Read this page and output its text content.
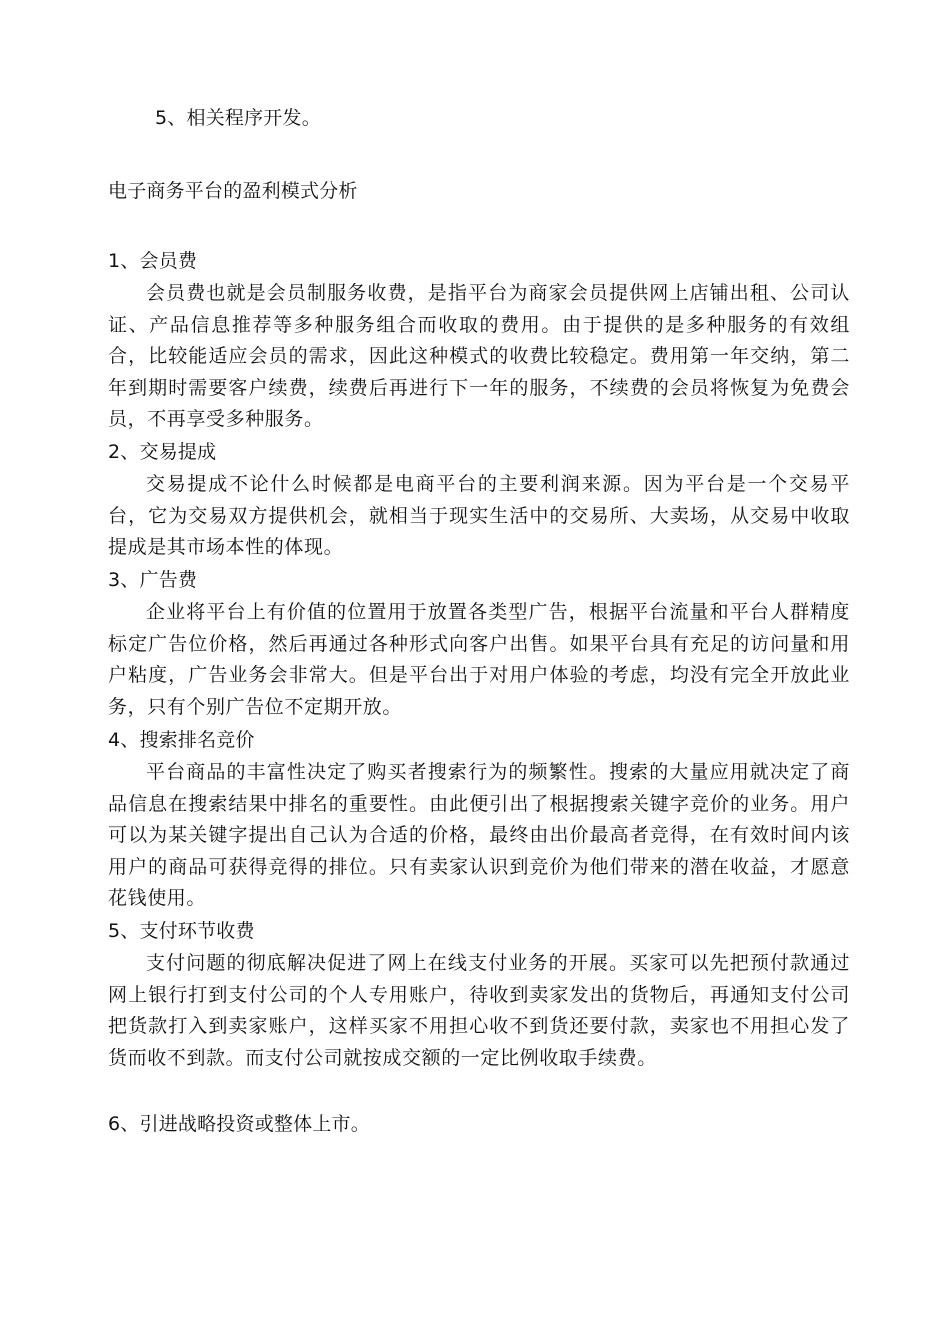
5、相关程序开发。
电子商务平台的盈利模式分析
1、会员费
会员费也就是会员制服务收费，是指平台为商家会员提供网上店铺出租、公司认证、产品信息推荐等多种服务组合而收取的费用。由于提供的是多种服务的有效组合，比较能适应会员的需求，因此这种模式的收费比较稳定。费用第一年交纳，第二年到期时需要客户续费，续费后再进行下一年的服务，不续费的会员将恢复为免费会员，不再享受多种服务。
2、交易提成
交易提成不论什么时候都是电商平台的主要利润来源。因为平台是一个交易平台，它为交易双方提供机会，就相当于现实生活中的交易所、大卖场，从交易中收取提成是其市场本性的体现。
3、广告费
企业将平台上有价值的位置用于放置各类型广告，根据平台流量和平台人群精度标定广告位价格，然后再通过各种形式向客户出售。如果平台具有充足的访问量和用户粘度，广告业务会非常大。但是平台出于对用户体验的考虑，均没有完全开放此业务，只有个别广告位不定期开放。
4、搜索排名竞价
平台商品的丰富性决定了购买者搜索行为的频繁性。搜索的大量应用就决定了商品信息在搜索结果中排名的重要性。由此便引出了根据搜索关键字竞价的业务。用户可以为某关键字提出自己认为合适的价格，最终由出价最高者竞得，在有效时间内该用户的商品可获得竞得的排位。只有卖家认识到竞价为他们带来的潜在收益，才愿意花钱使用。
5、支付环节收费
支付问题的彻底解决促进了网上在线支付业务的开展。买家可以先把预付款通过网上银行打到支付公司的个人专用账户，待收到卖家发出的货物后，再通知支付公司把货款打入到卖家账户，这样买家不用担心收不到货还要付款，卖家也不用担心发了货而收不到款。而支付公司就按成交额的一定比例收取手续费。
6、引进战略投资或整体上市。
